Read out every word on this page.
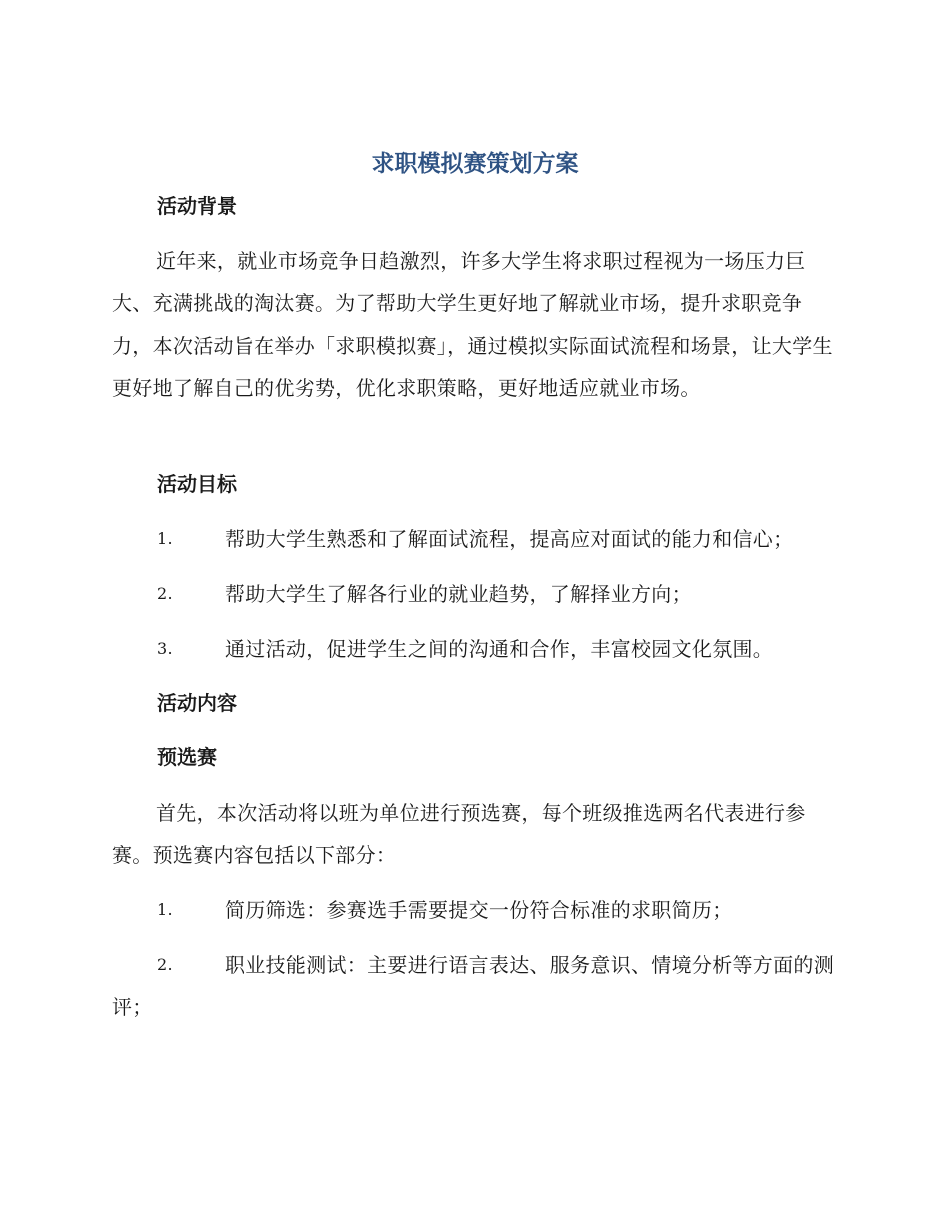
求职模拟赛策划方案
活动背景
近年来，就业市场竞争日趋激烈，许多大学生将求职过程视为一场压力巨大、充满挑战的淘汰赛。为了帮助大学生更好地了解就业市场，提升求职竞争力，本次活动旨在举办「求职模拟赛」，通过模拟实际面试流程和场景，让大学生更好地了解自己的优劣势，优化求职策略，更好地适应就业市场。
活动目标
1.	帮助大学生熟悉和了解面试流程，提高应对面试的能力和信心；
2.	帮助大学生了解各行业的就业趋势，了解择业方向；
3.	通过活动，促进学生之间的沟通和合作，丰富校园文化氛围。
活动内容
预选赛
首先，本次活动将以班为单位进行预选赛，每个班级推选两名代表进行参赛。预选赛内容包括以下部分：
1.	简历筛选：参赛选手需要提交一份符合标准的求职简历；
2.	职业技能测试：主要进行语言表达、服务意识、情境分析等方面的测评；
